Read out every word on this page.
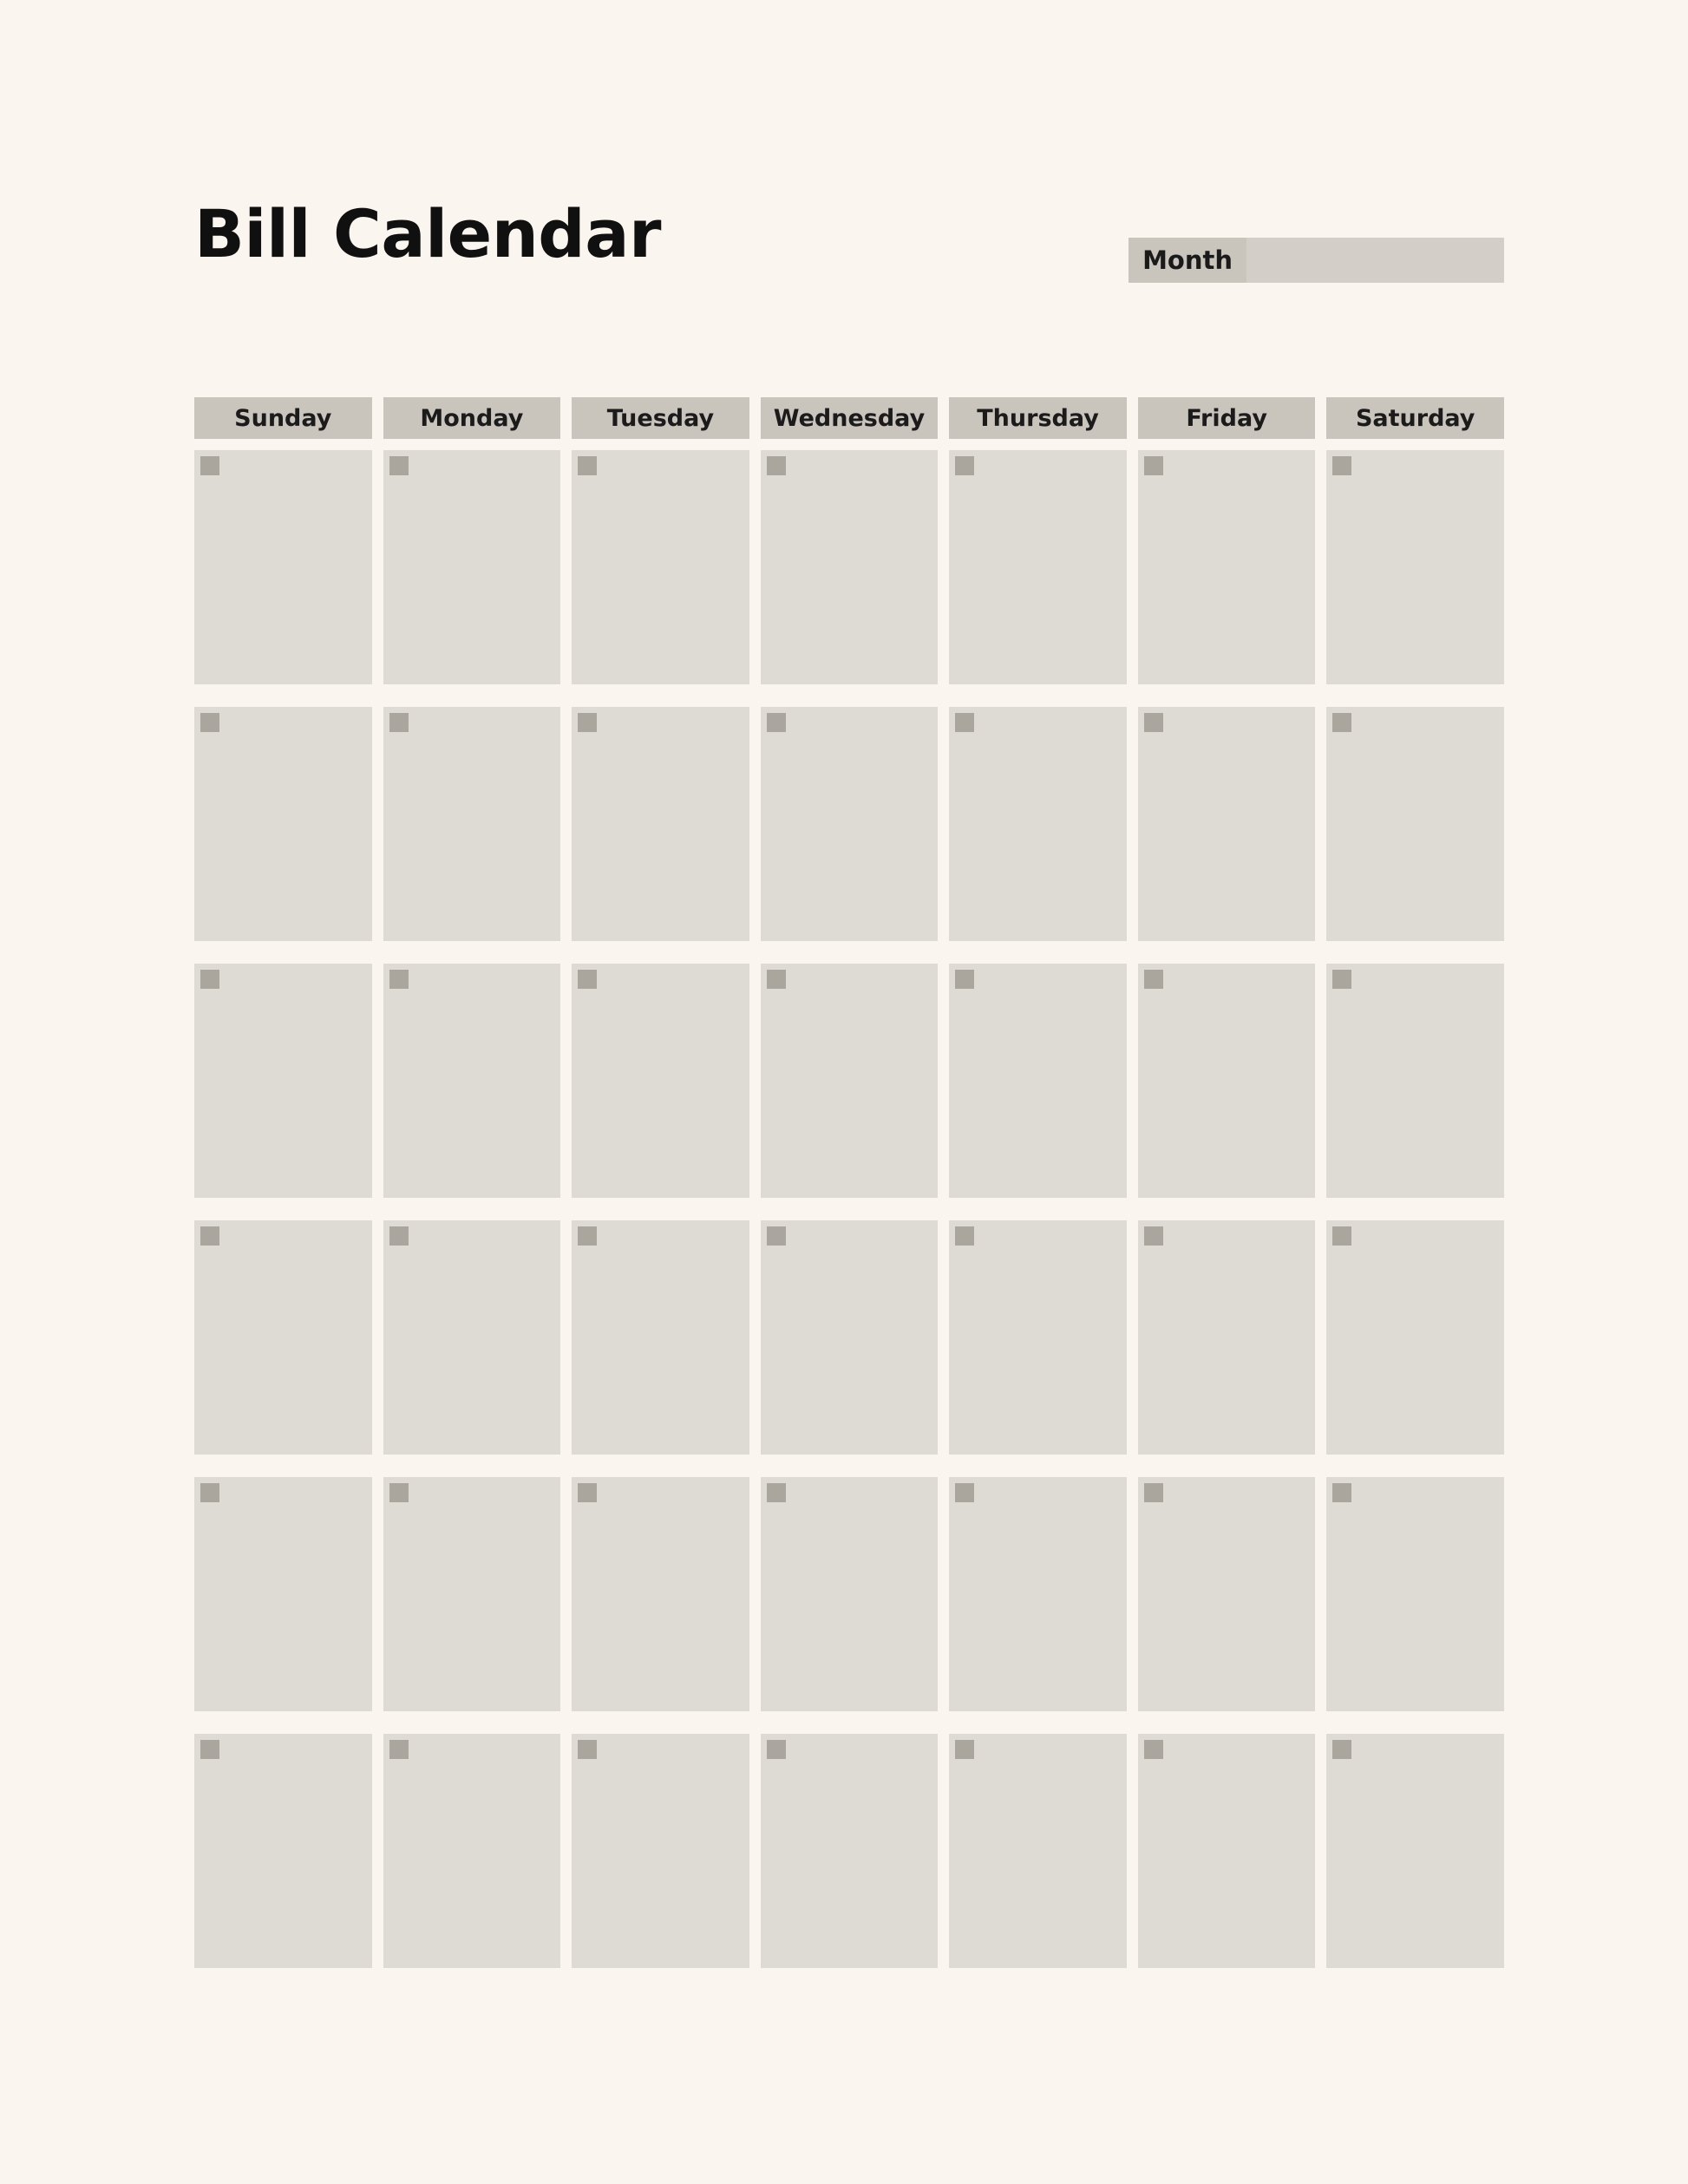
Bill Calendar	Month
Sunday	Monday	Tuesday	Wednesday	Thursday	Friday	Saturday
